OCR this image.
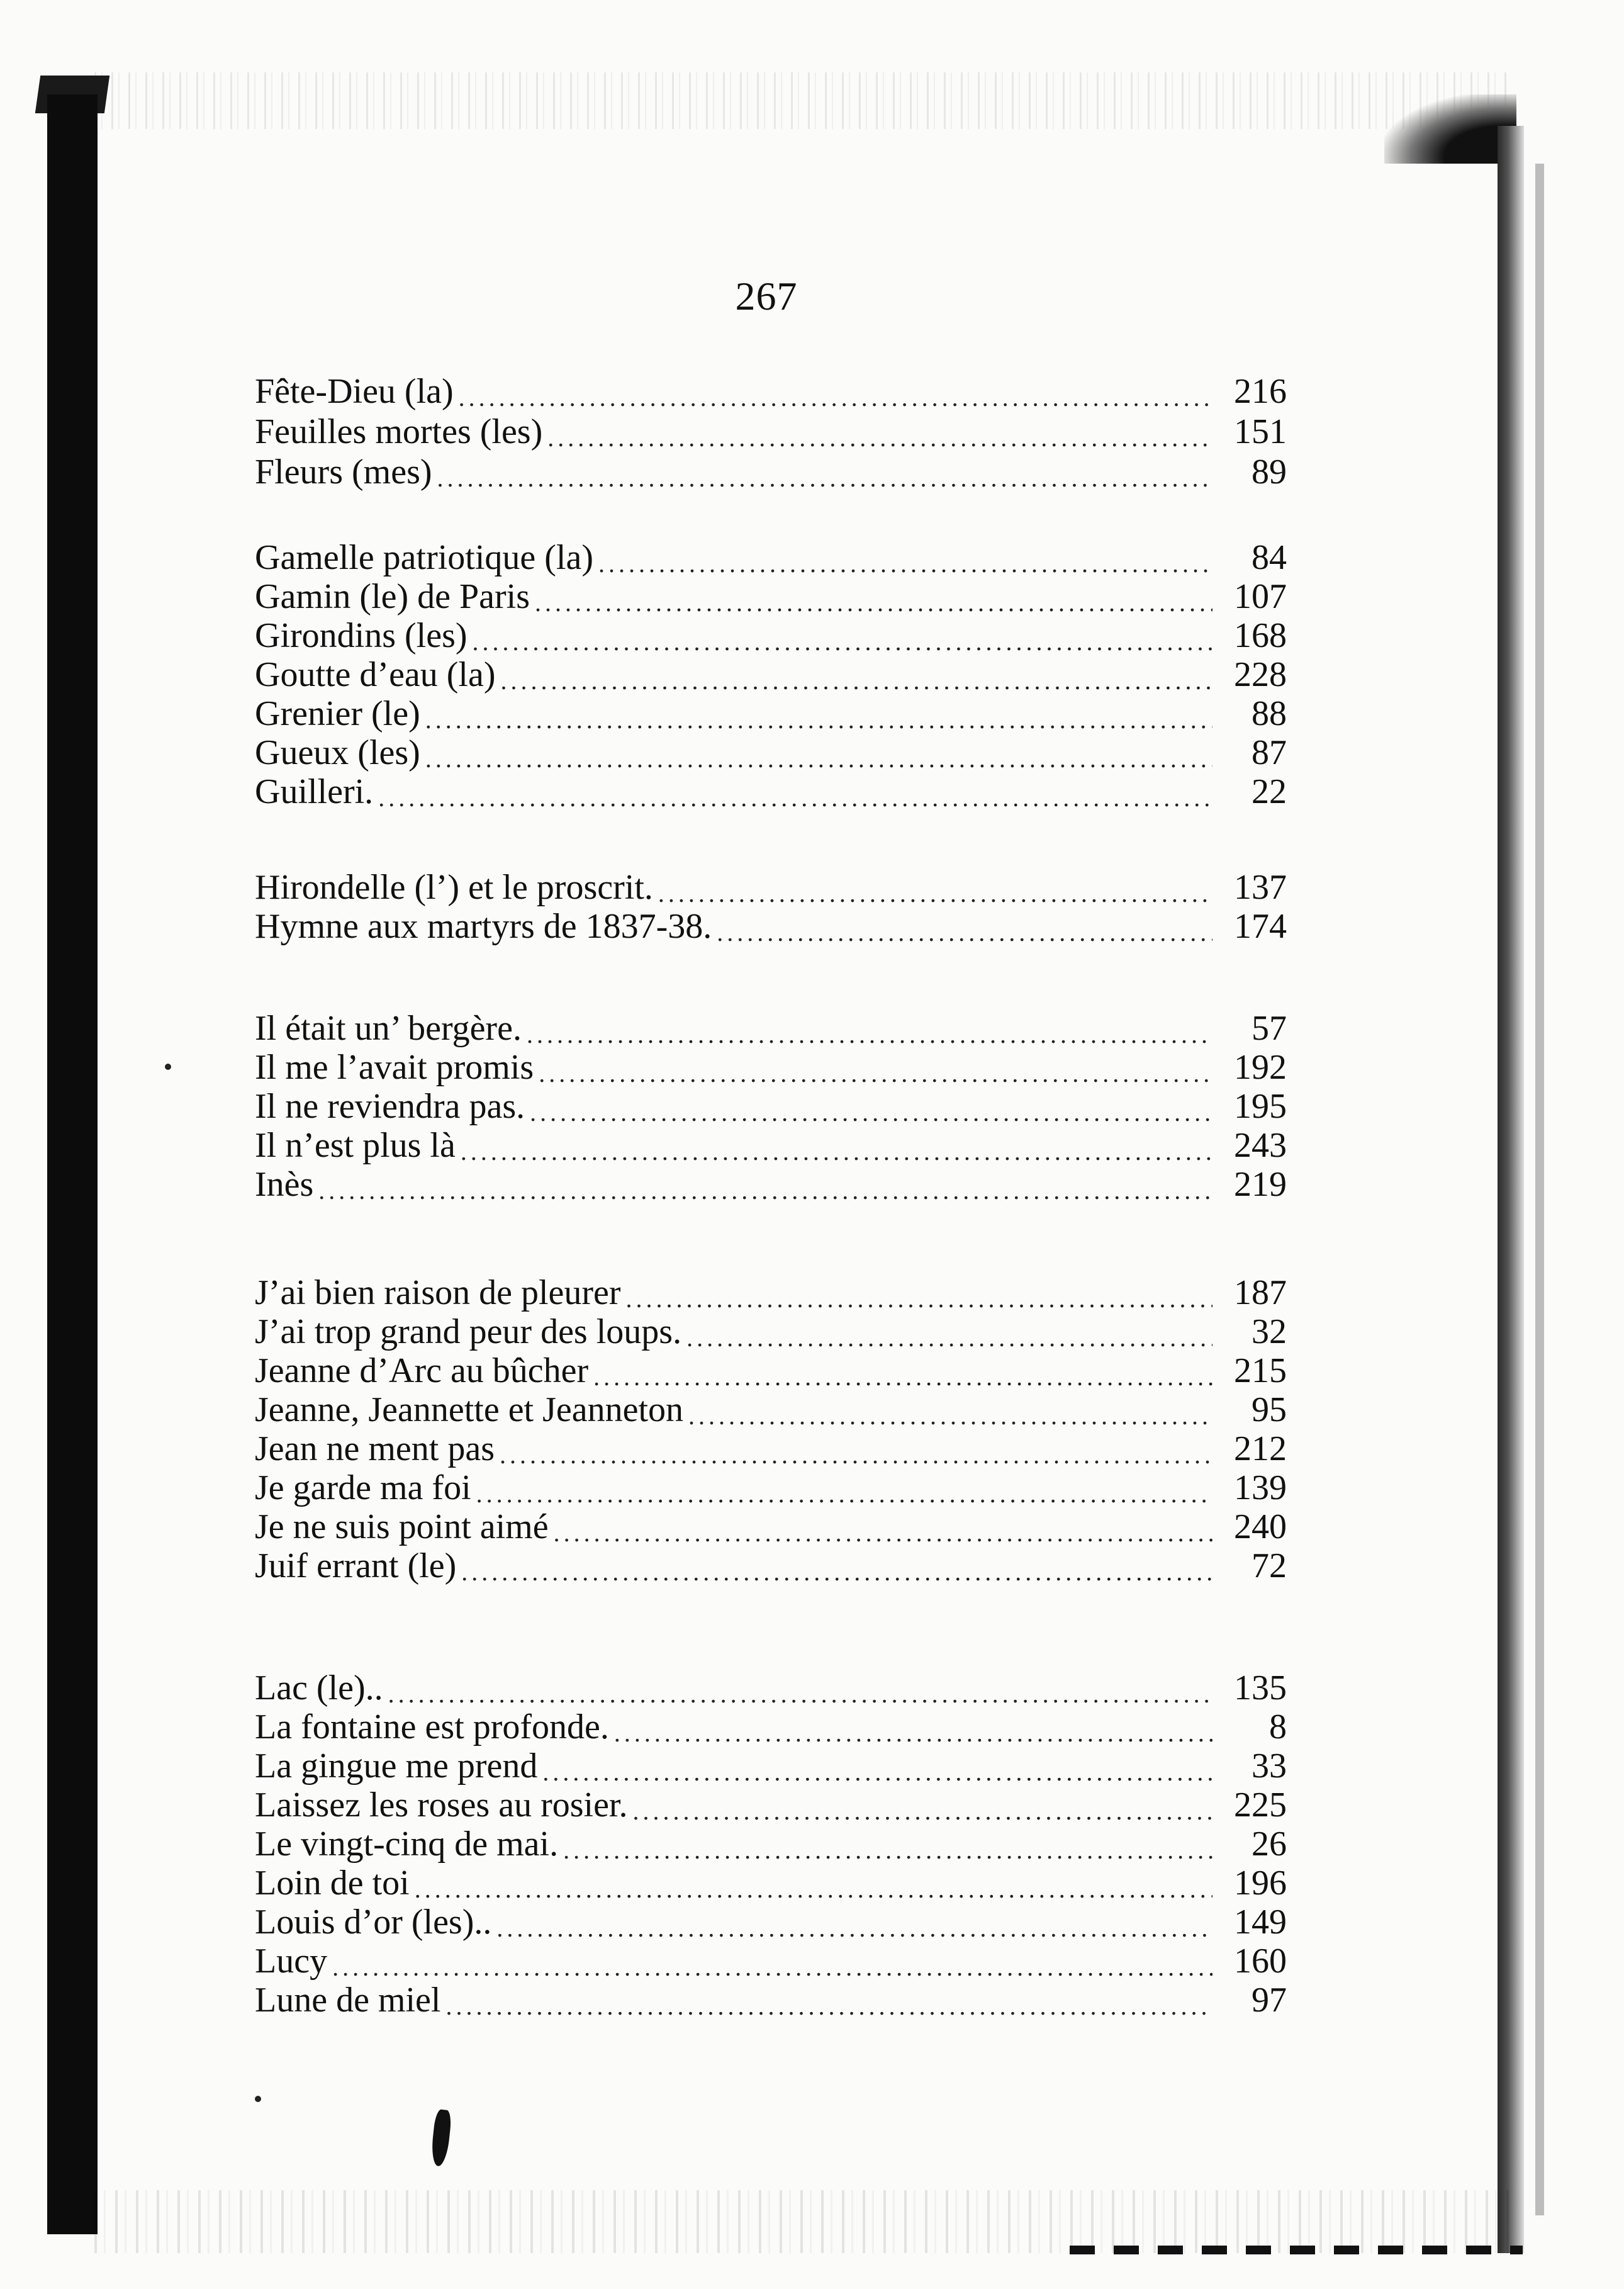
267
Fête-Dieu (la) .....	216
Feuilles mortes (les) .....	151
Fleurs (mes) .....	89
Gamelle patriotique (la) .....	84
Gamin (le) de Paris .....	107
Girondins (les) .....	168
Goutte d’eau (la) .....	228
Grenier (le) .....	88
Gueux (les) .....	87
Guilleri. .....	22
Hirondelle (l’) et le proscrit. .....	137
Hymne aux martyrs de 1837-38. .....	174
Il était un’ bergère. .....	57
Il me l’avait promis .....	192
Il ne reviendra pas. .....	195
Il n’est plus là .....	243
Inès .....	219
J’ai bien raison de pleurer .....	187
J’ai trop grand peur des loups. .....	32
Jeanne d’Arc au bûcher .....	215
Jeanne, Jeannette et Jeanneton .....	95
Jean ne ment pas .....	212
Je garde ma foi .....	139
Je ne suis point aimé .....	240
Juif errant (le) .....	72
Lac (le).. .....	135
La fontaine est profonde. .....	8
La gingue me prend .....	33
Laissez les roses au rosier. .....	225
Le vingt-cinq de mai. .....	26
Loin de toi .....	196
Louis d’or (les).. .....	149
Lucy .....	160
Lune de miel .....	97
